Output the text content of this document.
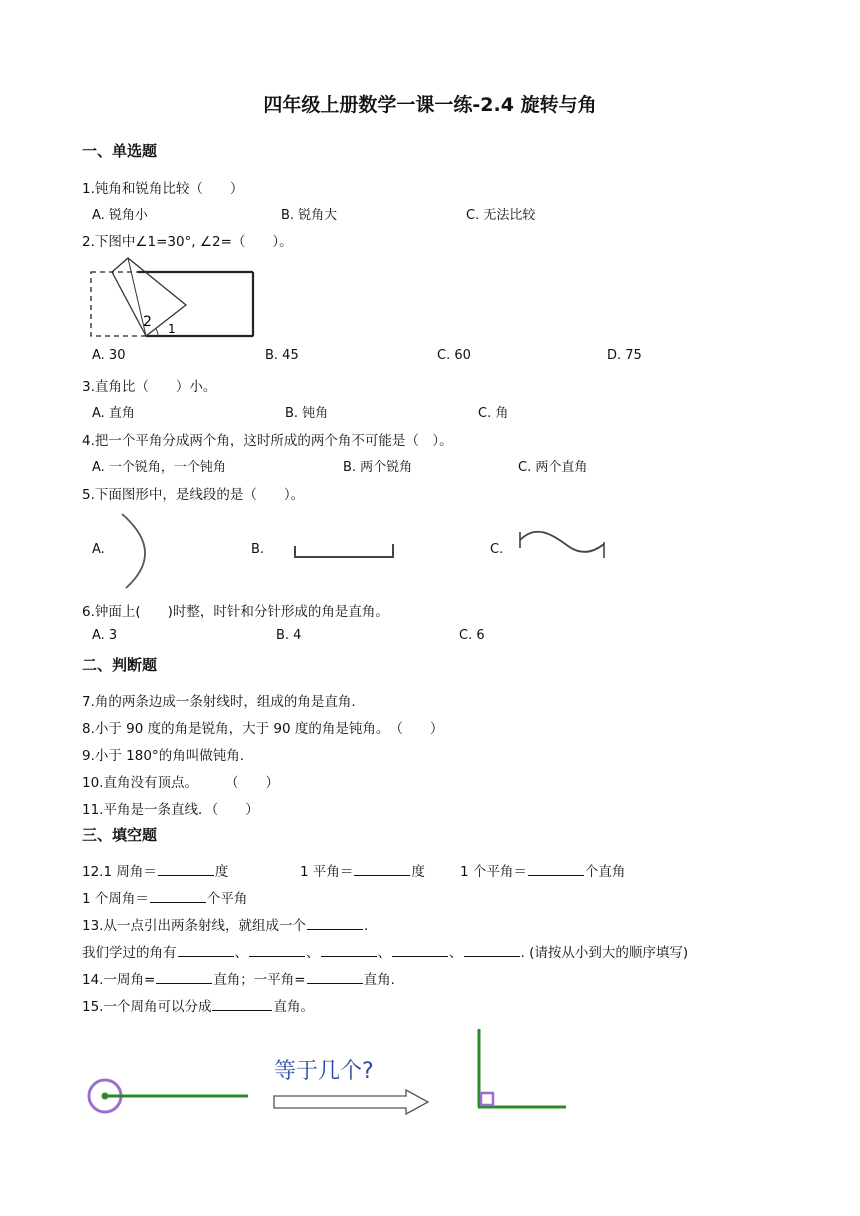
四年级上册数学一课一练-2.4 旋转与角
一、单选题
1.钝角和锐角比较（　　）
A. 锐角小	B. 锐角大	C. 无法比较
2.下图中∠1=30°, ∠2=（　　）。
1
2
A. 30	B. 45	C. 60	D. 75
3.直角比（　　）小。
A. 直角	B. 钝角	C. 角
4.把一个平角分成两个角，这时所成的两个角不可能是（　）。
A. 一个锐角，一个钝角	B. 两个锐角	C. 两个直角
5.下面图形中，是线段的是（　　）。
A.	B.	C.
6.钟面上(　　)时整，时针和分针形成的角是直角。
A. 3	B. 4	C. 6
二、判断题
7.角的两条边成一条射线时，组成的角是直角.
8.小于 90 度的角是锐角，大于 90 度的角是钝角。　（　　）
9.小于 180°的角叫做钝角.
10.直角没有顶点。　　　（　　）
11.平角是一条直线．（　　）
三、填空题
12.1 周角＝	度	1 平角＝	度	1 个平角＝	个直角
1 个周角＝	个平角
13.从一点引出两条射线，就组成一个	.
我们学过的角有	、	、	、	、	. (请按从小到大的顺序填写)
14.一周角=	直角；一平角=	直角.
15.一个周角可以分成	直角。
等于几个?
